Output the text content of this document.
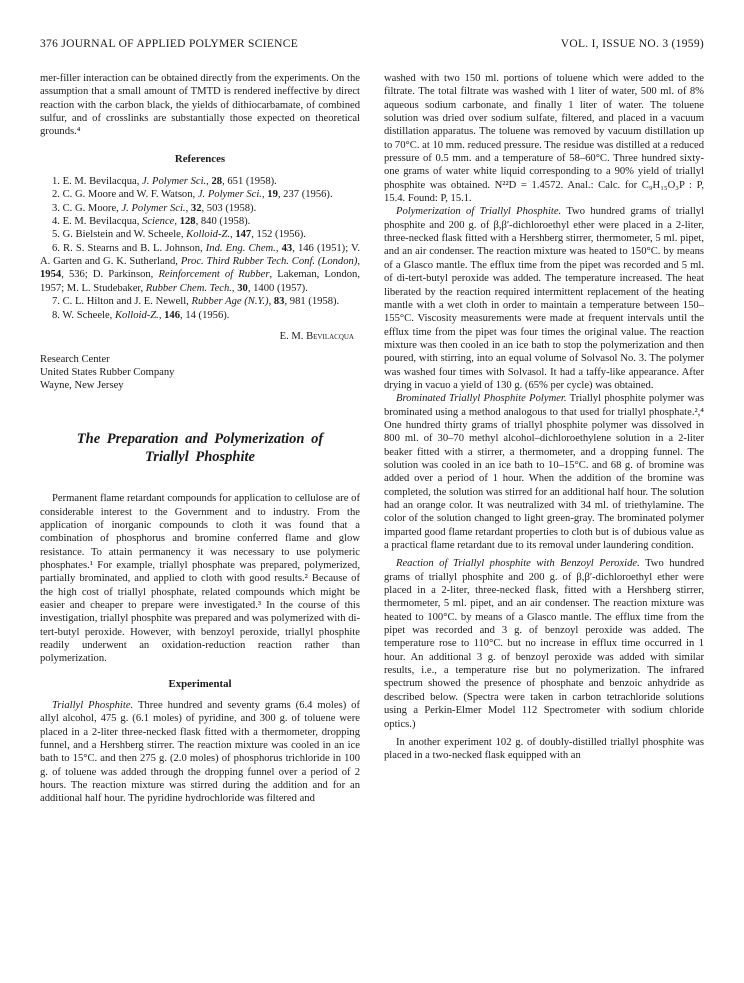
376 JOURNAL OF APPLIED POLYMER SCIENCE	VOL. I, ISSUE NO. 3 (1959)

mer-filler interaction can be obtained directly from the experiments. On the assumption that a small amount of TMTD is rendered ineffective by direct reaction with the carbon black, the yields of dithiocarbamate, of combined sulfur, and of crosslinks are substantially those expected on theoretical grounds.⁴

References

1. E. M. Bevilacqua, J. Polymer Sci., 28, 651 (1958).

2. C. G. Moore and W. F. Watson, J. Polymer Sci., 19, 237 (1956).

3. C. G. Moore, J. Polymer Sci., 32, 503 (1958).

4. E. M. Bevilacqua, Science, 128, 840 (1958).

5. G. Bielstein and W. Scheele, Kolloid-Z., 147, 152 (1956).

6. R. S. Stearns and B. L. Johnson, Ind. Eng. Chem., 43, 146 (1951); V. A. Garten and G. K. Sutherland, Proc. Third Rubber Tech. Conf. (London), 1954, 536; D. Parkinson, Reinforcement of Rubber, Lakeman, London, 1957; M. L. Studebaker, Rubber Chem. Tech., 30, 1400 (1957).

7. C. L. Hilton and J. E. Newell, Rubber Age (N.Y.), 83, 981 (1958).

8. W. Scheele, Kolloid-Z., 146, 14 (1956).

E. M. Bevilacqua
Research Center
United States Rubber Company
Wayne, New Jersey
The Preparation and Polymerization of
Triallyl Phosphite

Permanent flame retardant compounds for application to cellulose are of considerable interest to the Government and to industry. From the application of inorganic compounds to cloth it was found that a combination of phosphorus and bromine conferred flame and glow resistance. To attain permanency it was necessary to use polymeric phosphates.¹ For example, triallyl phosphate was prepared, polymerized, partially brominated, and applied to cloth with good results.² Because of the high cost of triallyl phosphate, related compounds which might be easier and cheaper to prepare were investigated.³ In the course of this investigation, triallyl phosphite was prepared and was polymerized with di-tert-butyl peroxide. However, with benzoyl peroxide, triallyl phosphite readily underwent an oxidation-reduction reaction rather than polymerization.

Experimental

Triallyl Phosphite. Three hundred and seventy grams (6.4 moles) of allyl alcohol, 475 g. (6.1 moles) of pyridine, and 300 g. of toluene were placed in a 2-liter three-necked flask fitted with a thermometer, dropping funnel, and a Hershberg stirrer. The reaction mixture was cooled in an ice bath to 15°C. and then 275 g. (2.0 moles) of phosphorus trichloride in 100 g. of toluene was added through the dropping funnel over a period of 2 hours. The reaction mixture was stirred during the addition and for an additional half hour. The pyridine hydrochloride was filtered and

washed with two 150 ml. portions of toluene which were added to the filtrate. The total filtrate was washed with 1 liter of water, 500 ml. of 8% aqueous sodium carbonate, and finally 1 liter of water. The toluene solution was dried over sodium sulfate, filtered, and placed in a vacuum distillation apparatus. The toluene was removed by vacuum distillation up to 70°C. at 10 mm. reduced pressure. The residue was distilled at a reduced pressure of 0.5 mm. and a temperature of 58–60°C. Three hundred sixty-one grams of water white liquid corresponding to a 90% yield of triallyl phosphite was obtained. N²²D = 1.4572. Anal.: Calc. for C₉H₁₅O₃P : P, 15.4. Found: P, 15.1.

Polymerization of Triallyl Phosphite. Two hundred grams of triallyl phosphite and 200 g. of β,β′-dichloroethyl ether were placed in a 2-liter, three-necked flask fitted with a Hershberg stirrer, thermometer, 5 ml. pipet, and an air condenser. The reaction mixture was heated to 150°C. by means of a Glasco mantle. The efflux time from the pipet was recorded and 5 ml. of di-tert-butyl peroxide was added. The temperature increased. The heat liberated by the reaction required intermittent replacement of the heating mantle with a wet cloth in order to maintain a temperature between 150–155°C. Viscosity measurements were made at frequent intervals until the efflux time from the pipet was four times the original value. The reaction mixture was then cooled in an ice bath to stop the polymerization and then poured, with stirring, into an equal volume of Solvasol No. 3. The polymer was washed four times with Solvasol. It had a taffy-like appearance. After drying in vacuo a yield of 130 g. (65% per cycle) was obtained.

Brominated Triallyl Phosphite Polymer. Triallyl phosphite polymer was brominated using a method analogous to that used for triallyl phosphate.²,⁴ One hundred thirty grams of triallyl phosphite polymer was dissolved in 800 ml. of 30–70 methyl alcohol–dichloroethylene solution in a 2-liter beaker fitted with a stirrer, a thermometer, and a dropping funnel. The solution was cooled in an ice bath to 10–15°C. and 68 g. of bromine was added over a period of 1 hour. When the addition of the bromine was completed, the solution was stirred for an additional half hour. The solution had an orange color. It was neutralized with 34 ml. of triethylamine. The color of the solution changed to light green-gray. The brominated polymer imparted good flame retardant properties to cloth but is of dubious value as a practical flame retardant due to its removal under laundering condition.

Reaction of Triallyl phosphite with Benzoyl Peroxide. Two hundred grams of triallyl phosphite and 200 g. of β,β′-dichloroethyl ether were placed in a 2-liter, three-necked flask, fitted with a Hershberg stirrer, thermometer, 5 ml. pipet, and an air condenser. The reaction mixture was heated to 100°C. by means of a Glasco mantle. The efflux time from the pipet was recorded and 3 g. of benzoyl peroxide was added. The temperature rose to 110°C. but no increase in efflux time occurred in 1 hour. An additional 3 g. of benzoyl peroxide was added with similar results, i.e., a temperature rise but no polymerization. The infrared spectrum showed the presence of phosphate and benzoic anhydride as described below. (Spectra were taken in carbon tetrachloride solutions using a Perkin-Elmer Model 112 Spectrometer with sodium chloride optics.)

In another experiment 102 g. of doubly-distilled triallyl phosphite was placed in a two-necked flask equipped with an
